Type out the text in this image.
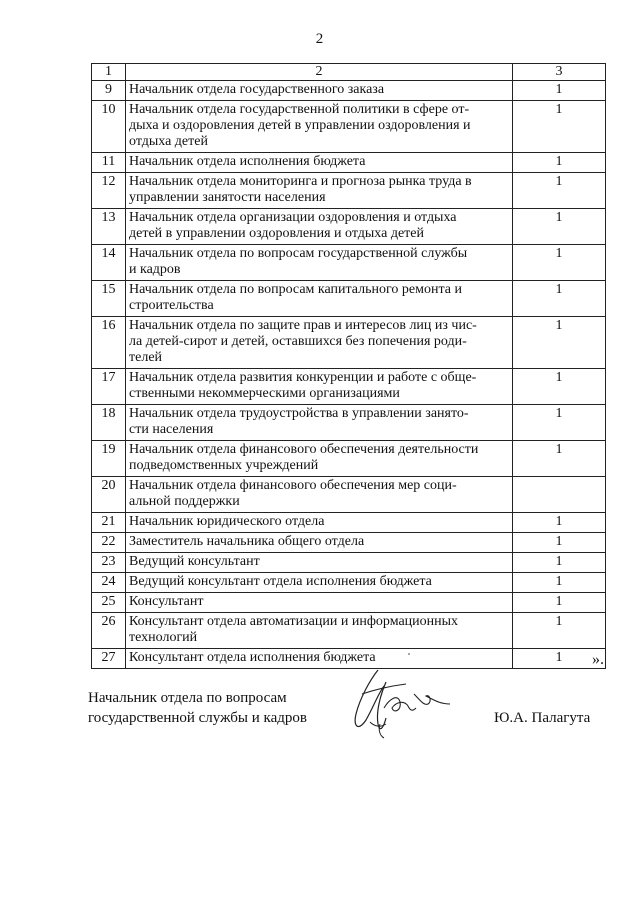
2
1	2	3
9	Начальник отдела государственного заказа	1
10	Начальник отдела государственной политики в сфере от-
дыха и оздоровления детей в управлении оздоровления и
отдыха детей	1
11	Начальник отдела исполнения бюджета	1
12	Начальник отдела мониторинга и прогноза рынка труда в
управлении занятости населения	1
13	Начальник отдела организации оздоровления и отдыха
детей в управлении оздоровления и отдыха детей	1
14	Начальник отдела по вопросам государственной службы
и кадров	1
15	Начальник отдела по вопросам капитального ремонта и
строительства	1
16	Начальник отдела по защите прав и интересов лиц из чис-
ла детей-сирот и детей, оставшихся без попечения роди-
телей	1
17	Начальник отдела развития конкуренции и работе с обще-
ственными некоммерческими организациями	1
18	Начальник отдела трудоустройства в управлении занято-
сти населения	1
19	Начальник отдела финансового обеспечения деятельности
подведомственных учреждений	1
20	Начальник отдела финансового обеспечения мер соци-
альной поддержки	

21	Начальник юридического отдела	1
22	Заместитель начальника общего отдела	1
23	Ведущий консультант	1
24	Ведущий консультант отдела исполнения бюджета	1
25	Консультант	1
26	Консультант отдела автоматизации и информационных
технологий	1
27	Консультант отдела исполнения бюджета	1 ».
Начальник отдела по вопросам
государственной службы и кадров	Ю.А. Палагута
